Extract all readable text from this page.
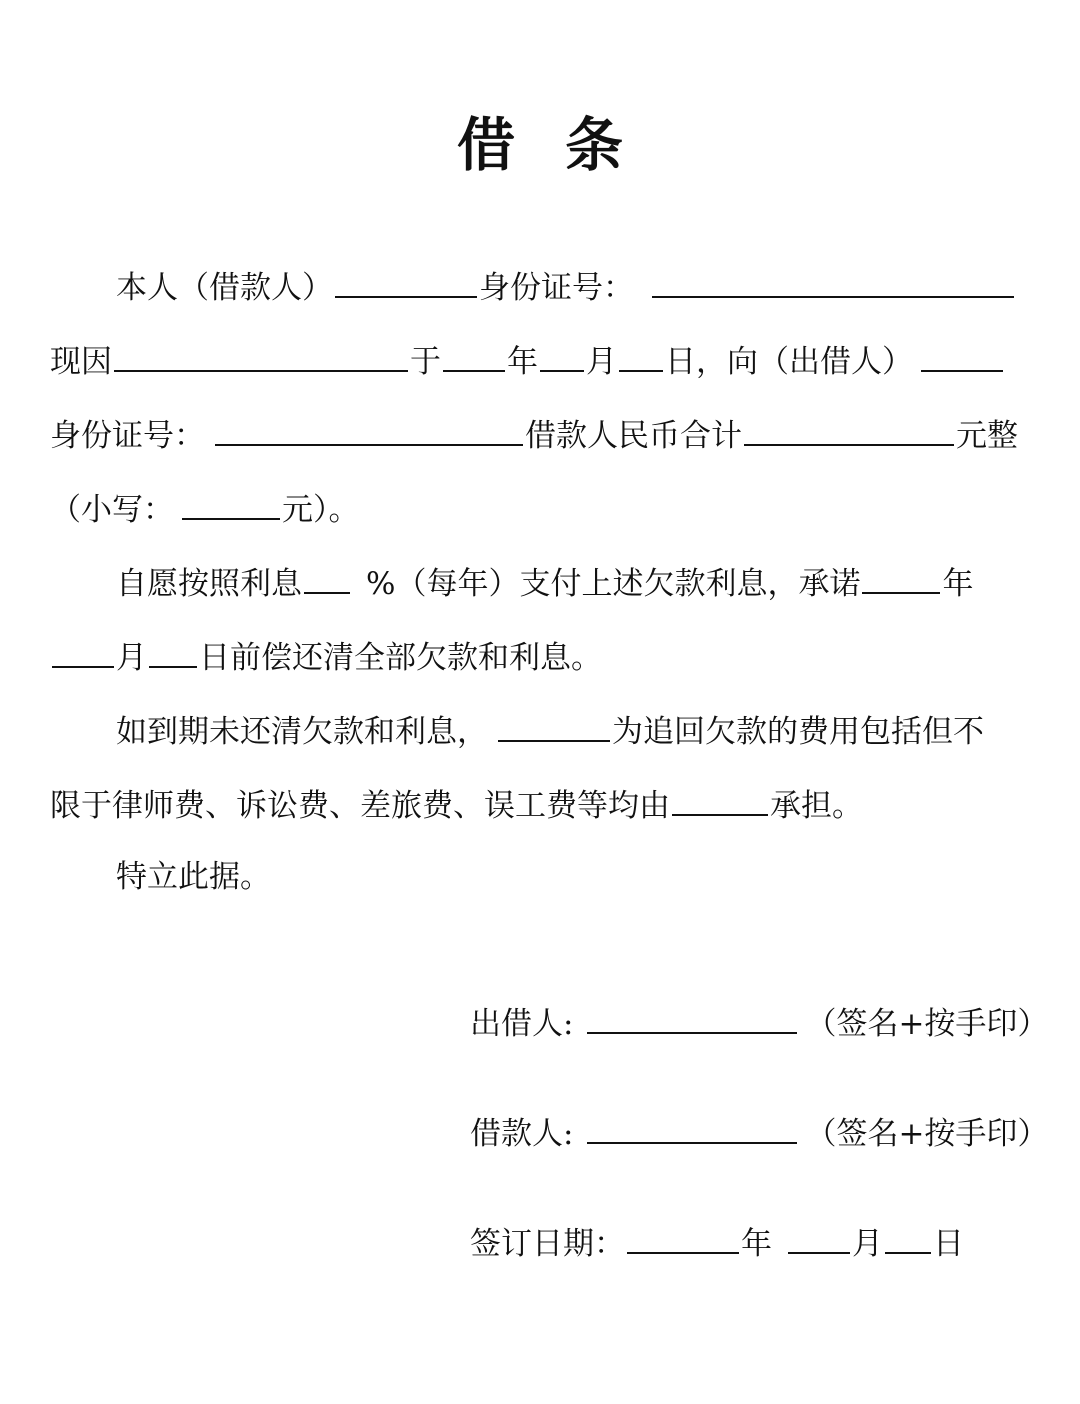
借 条
本人（借款人）	身份证号：
现因	于 年 月 日，向（出借人）
身份证号：	借款人民币合计	元整
（小写：	元）。
自愿按照利息 %（每年）支付上述欠款利息，承诺	年
月 日前偿还清全部欠款和利息。
如到期未还清欠款和利息，	为追回欠款的费用包括但不
限于律师费、诉讼费、差旅费、误工费等均由	承担。
特立此据。
出借人:	（签名+按手印）
借款人:	（签名+按手印）
签订日期：	年	月 日
